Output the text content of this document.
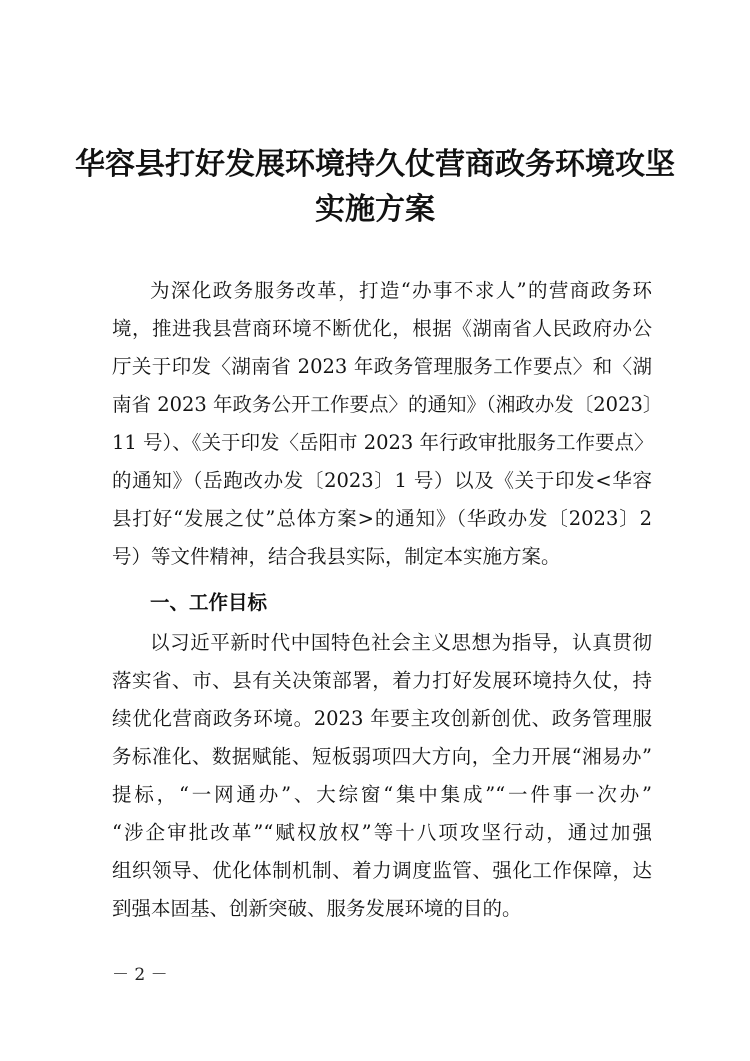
华容县打好发展环境持久仗营商政务环境攻坚
实施方案
为深化政务服务改革，打造“办事不求人”的营商政务环
境，推进我县营商环境不断优化，根据《湖南省人民政府办公
厅关于印发〈湖南省 2023 年政务管理服务工作要点〉和〈湖
南省 2023 年政务公开工作要点〉的通知》（湘政办发〔2023〕
11 号）、《关于印发〈岳阳市 2023 年行政审批服务工作要点〉
的通知》（岳跑改办发〔2023〕1 号）以及《关于印发<华容
县打好“发展之仗”总体方案>的通知》（华政办发〔2023〕2
号）等文件精神，结合我县实际，制定本实施方案。
一、工作目标
以习近平新时代中国特色社会主义思想为指导，认真贯彻
落实省、市、县有关决策部署，着力打好发展环境持久仗，持
续优化营商政务环境。2023 年要主攻创新创优、政务管理服
务标准化、数据赋能、短板弱项四大方向，全力开展“湘易办”
提标，“一网通办”、大综窗“集中集成”“一件事一次办”
“涉企审批改革”“赋权放权”等十八项攻坚行动，通过加强
组织领导、优化体制机制、着力调度监管、强化工作保障，达
到强本固基、创新突破、服务发展环境的目的。
－ 2 －
